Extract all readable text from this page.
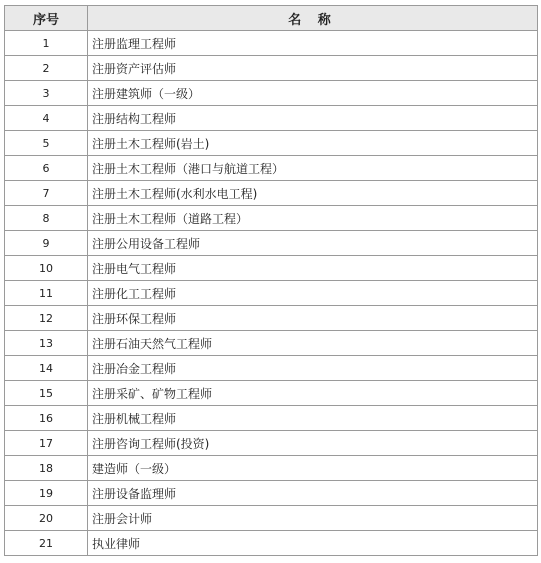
序号	名 称
1	注册监理工程师
2	注册资产评估师
3	注册建筑师（一级）
4	注册结构工程师
5	注册土木工程师(岩土)
6	注册土木工程师（港口与航道工程）
7	注册土木工程师(水利水电工程)
8	注册土木工程师（道路工程）
9	注册公用设备工程师
10	注册电气工程师
11	注册化工工程师
12	注册环保工程师
13	注册石油天然气工程师
14	注册冶金工程师
15	注册采矿、矿物工程师
16	注册机械工程师
17	注册咨询工程师(投资)
18	建造师（一级）
19	注册设备监理师
20	注册会计师
21	执业律师
